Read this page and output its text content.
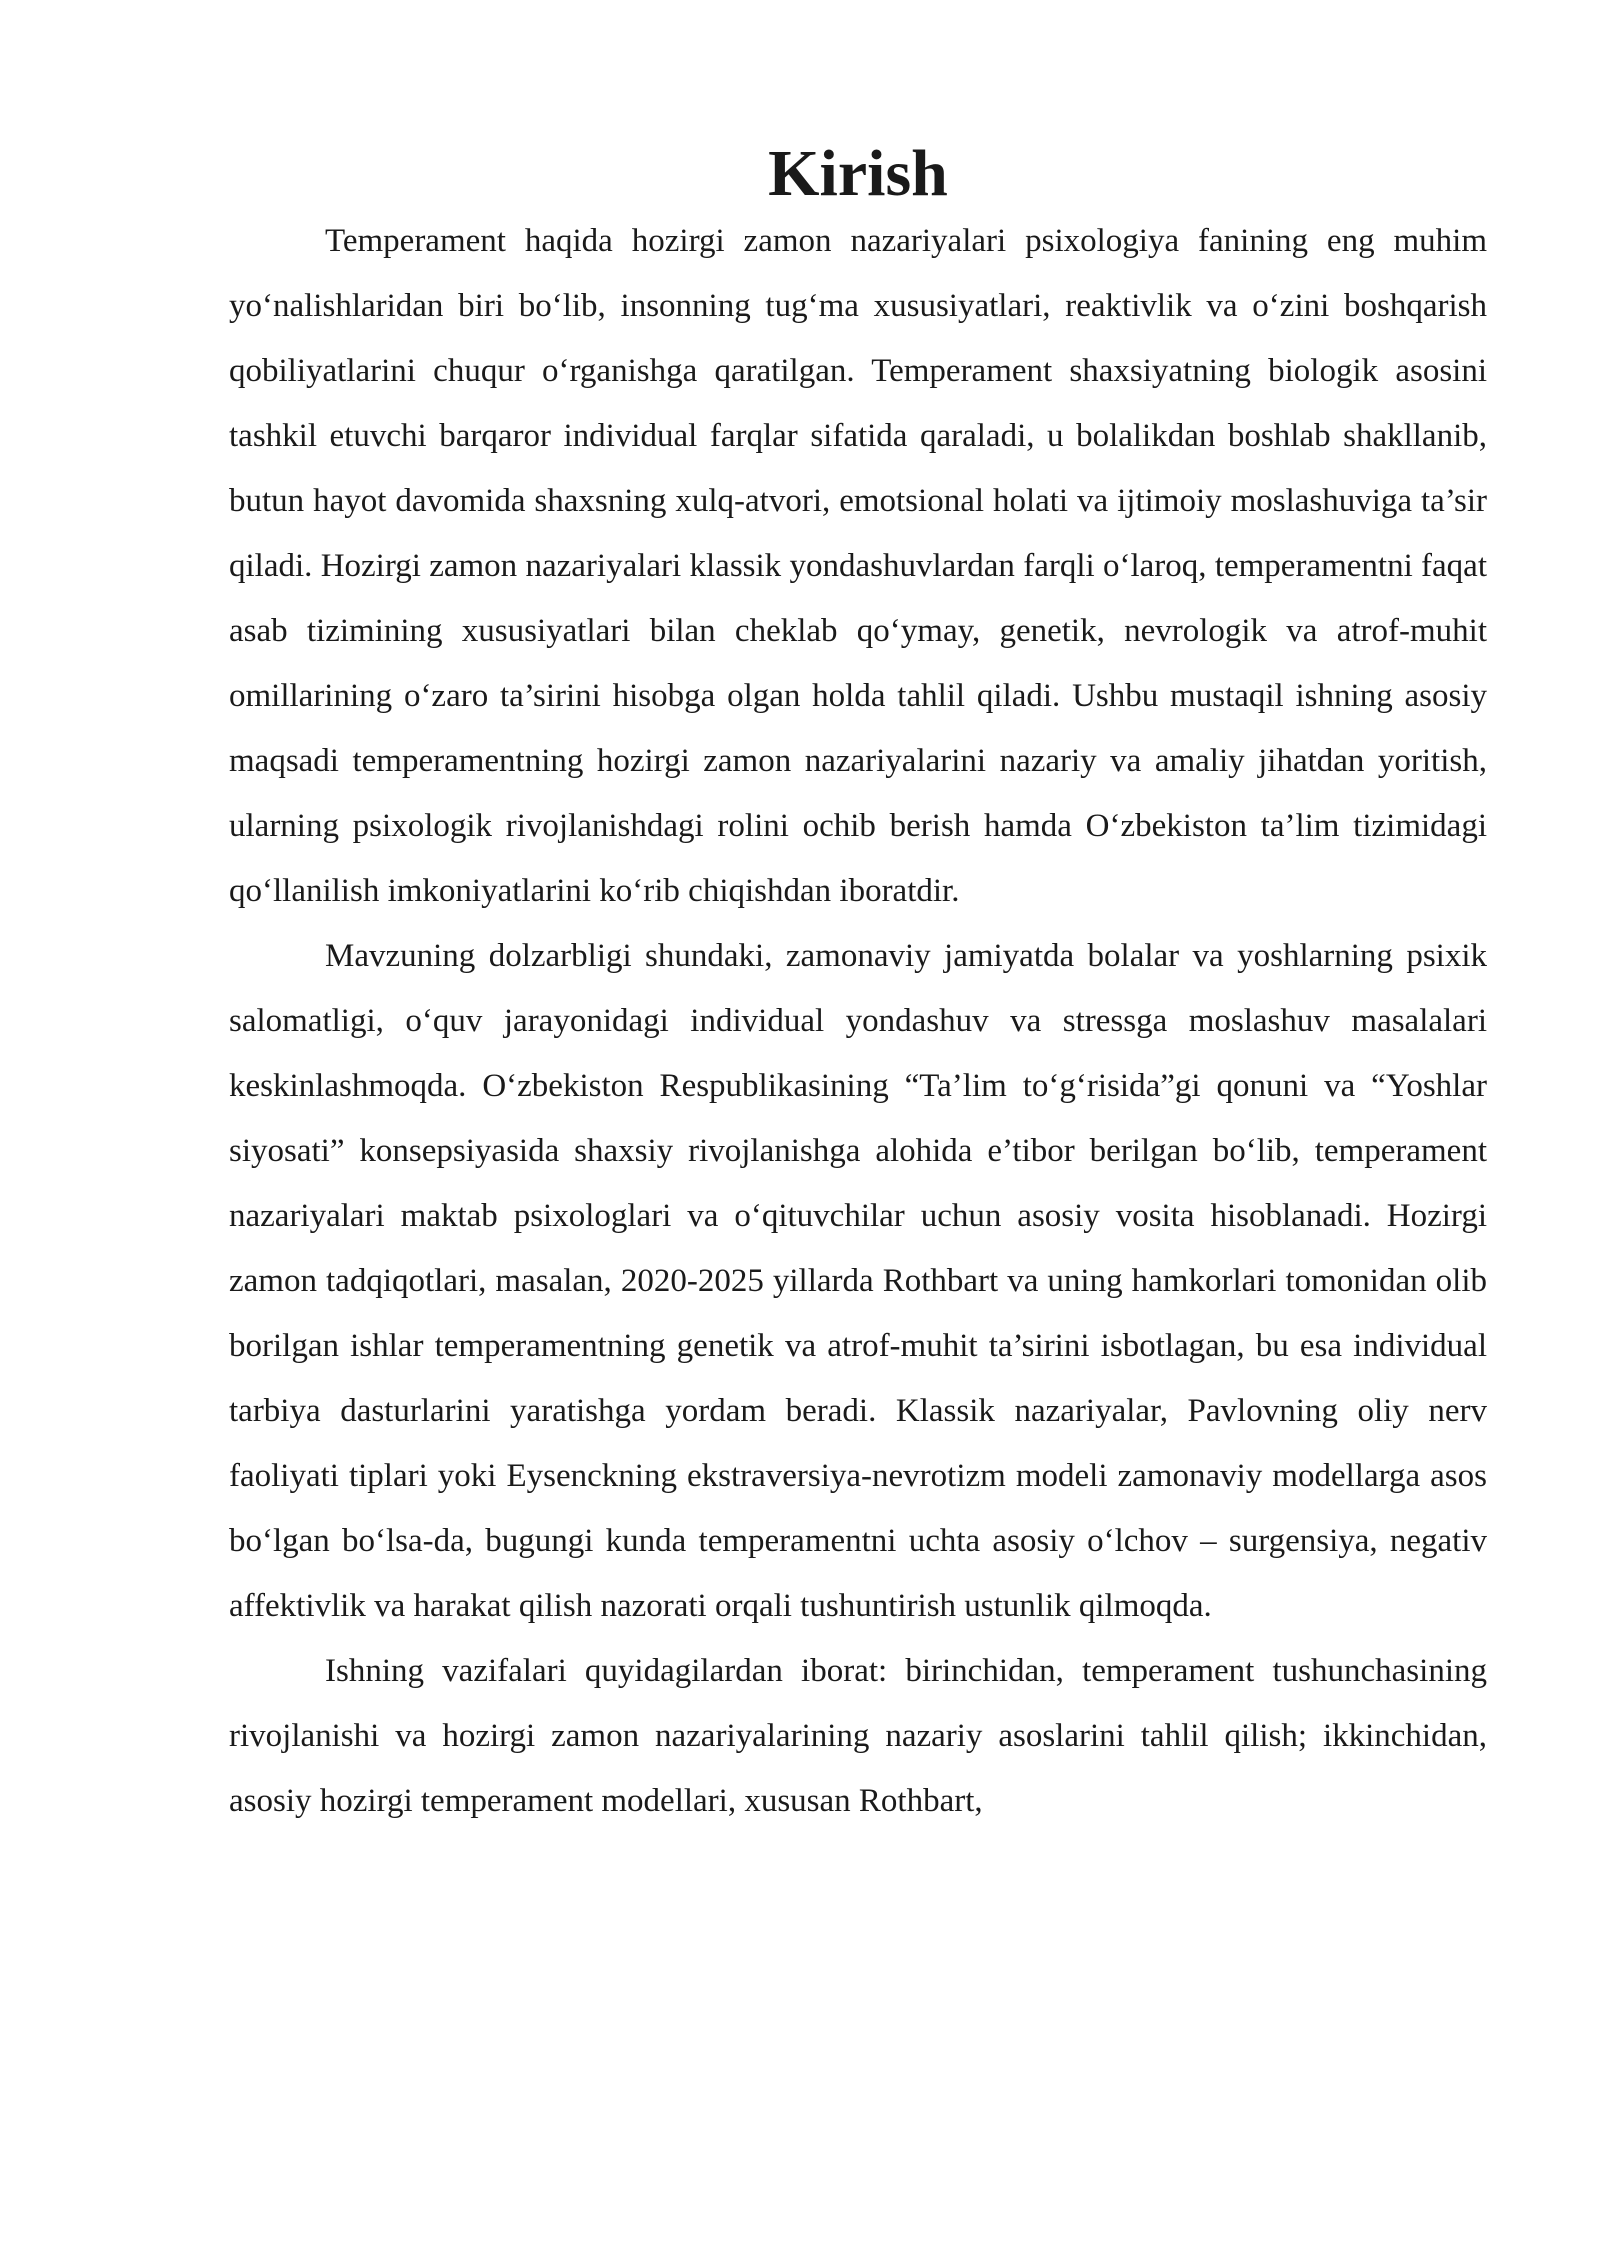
Kirish

Temperament haqida hozirgi zamon nazariyalari psixologiya fanining eng muhim yo‘nalishlaridan biri bo‘lib, insonning tug‘ma xususiyatlari, reaktivlik va o‘zini boshqarish qobiliyatlarini chuqur o‘rganishga qaratilgan. Temperament shaxsiyatning biologik asosini tashkil etuvchi barqaror individual farqlar sifatida qaraladi, u bolalikdan boshlab shakllanib, butun hayot davomida shaxsning xulq-atvori, emotsional holati va ijtimoiy moslashuviga ta’sir qiladi. Hozirgi zamon nazariyalari klassik yondashuvlardan farqli o‘laroq, temperamentni faqat asab tizimining xususiyatlari bilan cheklab qo‘ymay, genetik, nevrologik va atrof-muhit omillarining o‘zaro ta’sirini hisobga olgan holda tahlil qiladi. Ushbu mustaqil ishning asosiy maqsadi temperamentning hozirgi zamon nazariyalarini nazariy va amaliy jihatdan yoritish, ularning psixologik rivojlanishdagi rolini ochib berish hamda O‘zbekiston ta’lim tizimidagi qo‘llanilish imkoniyatlarini ko‘rib chiqishdan iboratdir.

Mavzuning dolzarbligi shundaki, zamonaviy jamiyatda bolalar va yoshlarning psixik salomatligi, o‘quv jarayonidagi individual yondashuv va stressga moslashuv masalalari keskinlashmoqda. O‘zbekiston Respublikasining “Ta’lim to‘g‘risida”gi qonuni va “Yoshlar siyosati” konsepsiyasida shaxsiy rivojlanishga alohida e’tibor berilgan bo‘lib, temperament nazariyalari maktab psixologlari va o‘qituvchilar uchun asosiy vosita hisoblanadi. Hozirgi zamon tadqiqotlari, masalan, 2020-2025 yillarda Rothbart va uning hamkorlari tomonidan olib borilgan ishlar temperamentning genetik va atrof-muhit ta’sirini isbotlagan, bu esa individual tarbiya dasturlarini yaratishga yordam beradi. Klassik nazariyalar, Pavlovning oliy nerv faoliyati tiplari yoki Eysenckning ekstraversiya-nevrotizm modeli zamonaviy modellarga asos bo‘lgan bo‘lsa-da, bugungi kunda temperamentni uchta asosiy o‘lchov – surgensiya, negativ affektivlik va harakat qilish nazorati orqali tushuntirish ustunlik qilmoqda.

Ishning vazifalari quyidagilardan iborat: birinchidan, temperament tushunchasining rivojlanishi va hozirgi zamon nazariyalarining nazariy asoslarini tahlil qilish; ikkinchidan, asosiy hozirgi temperament modellari, xususan Rothbart,
